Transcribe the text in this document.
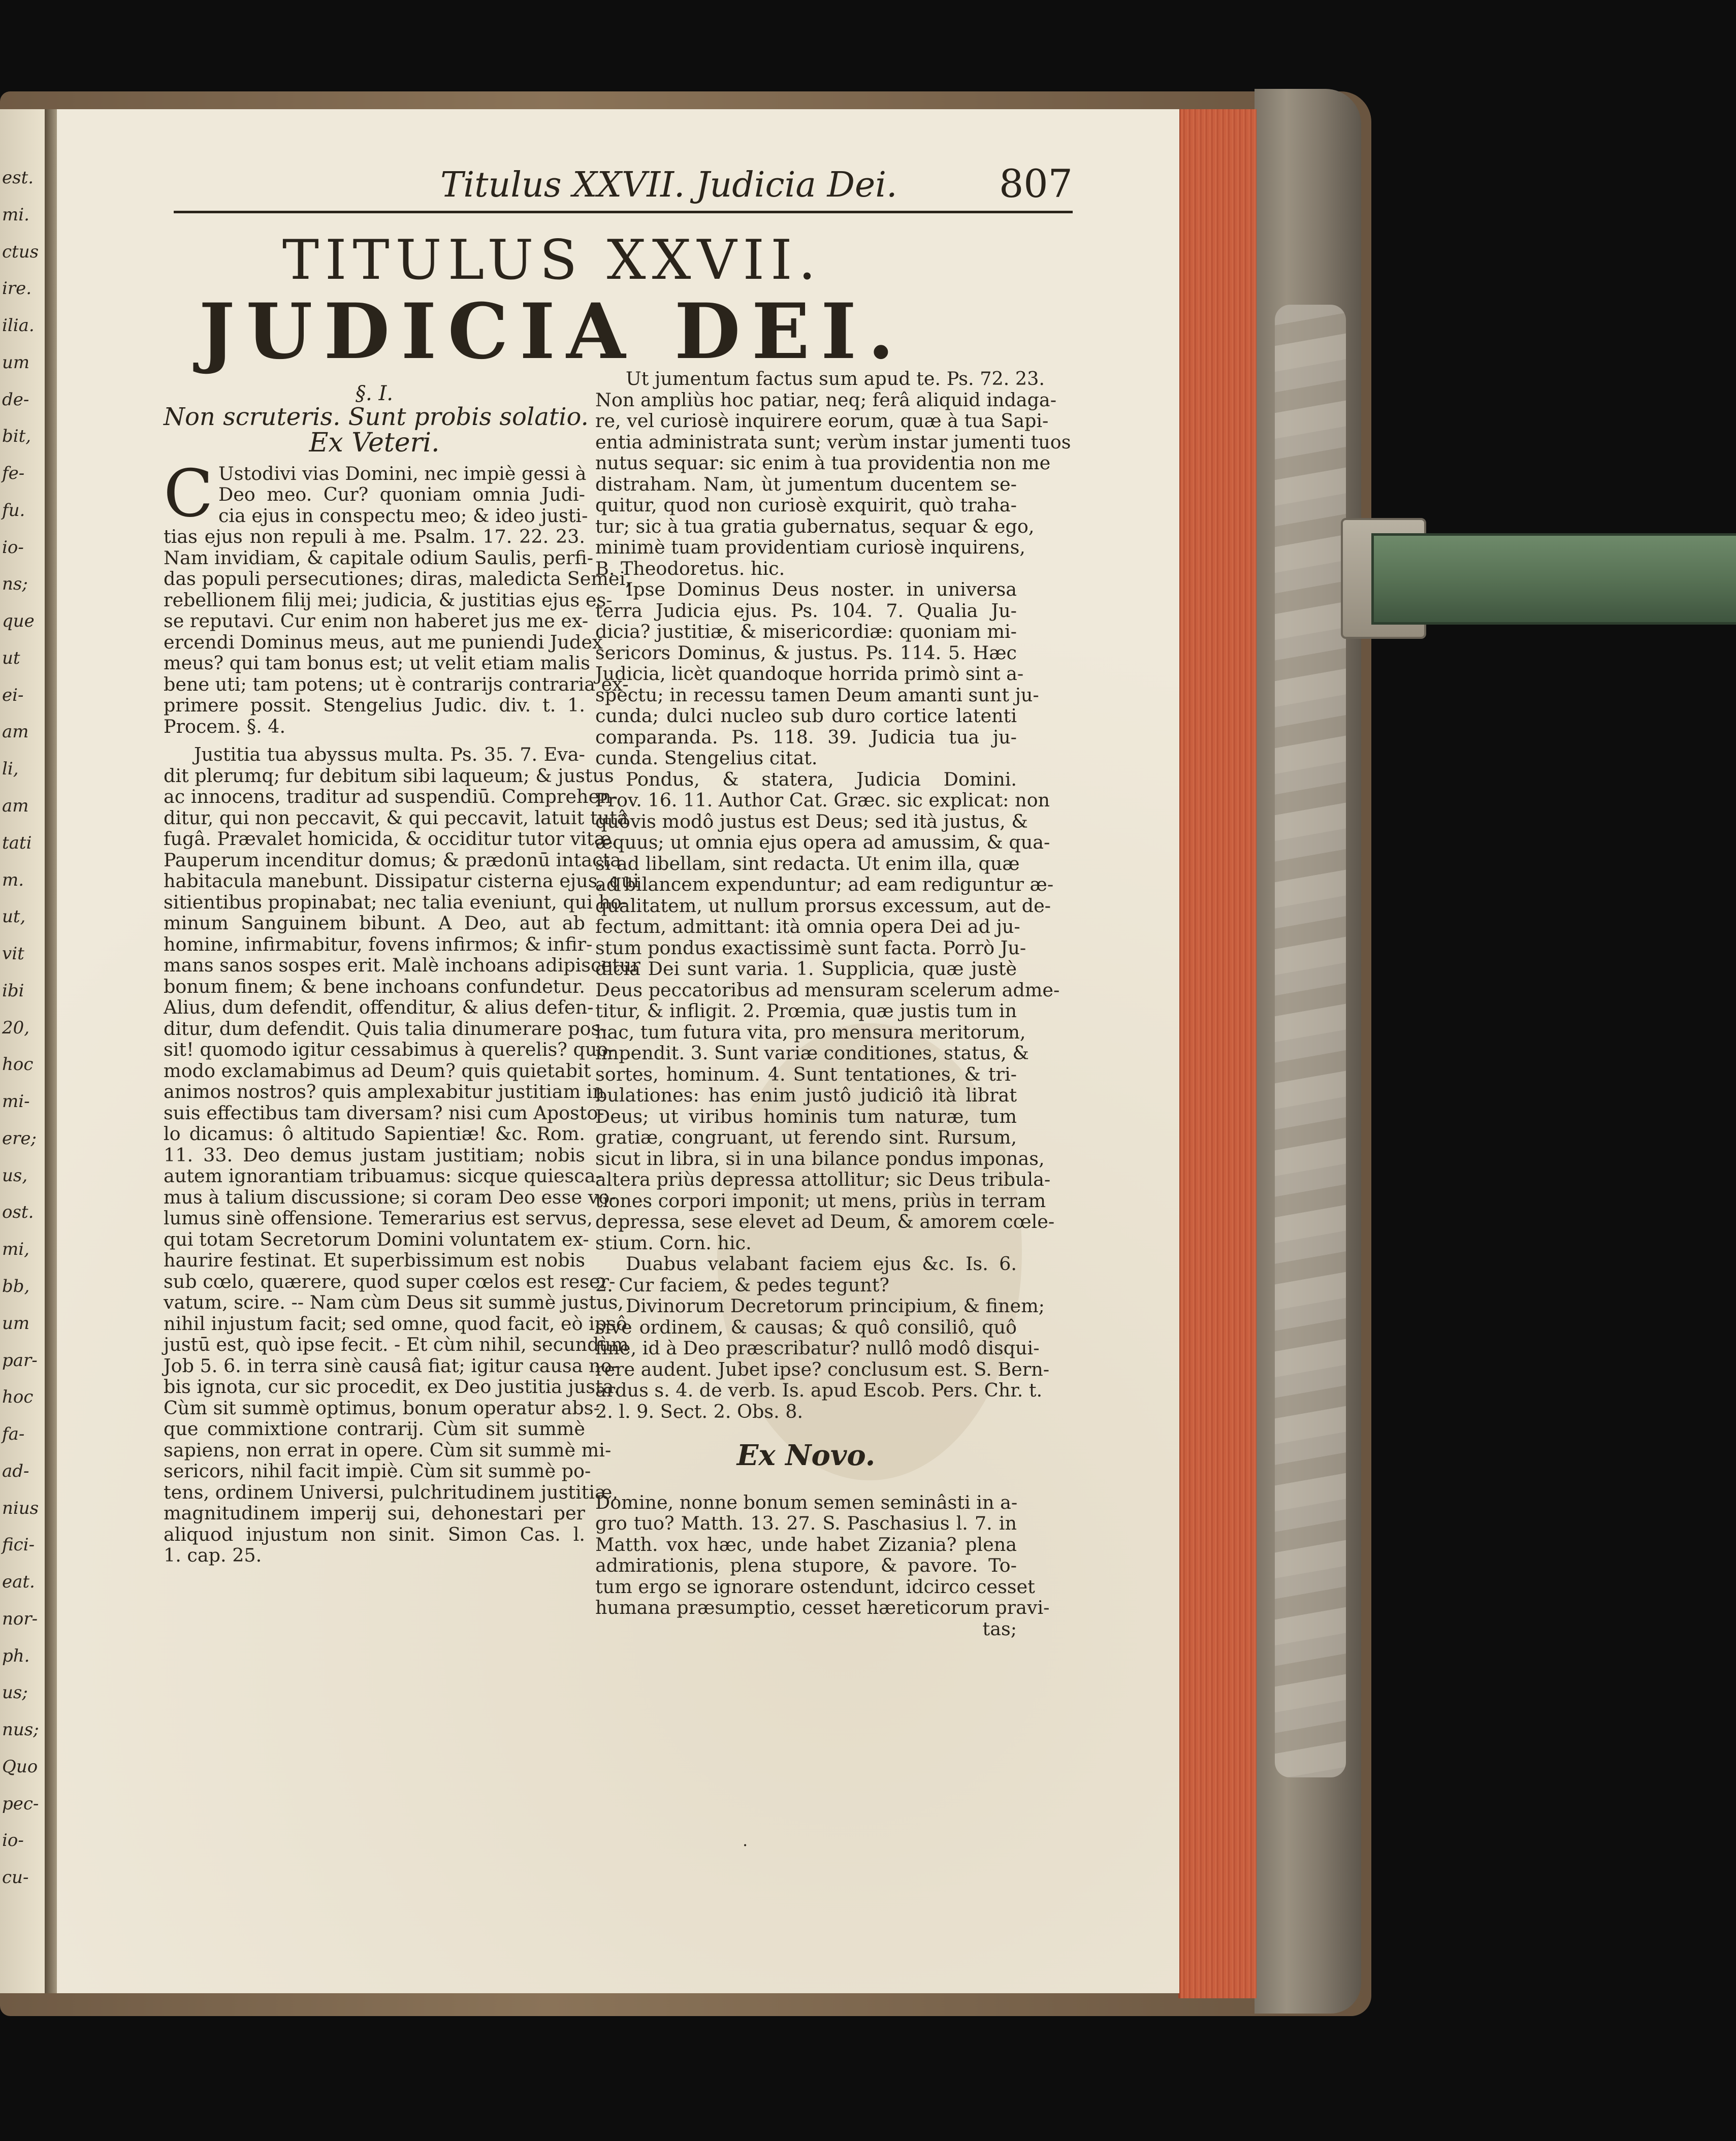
est.
mi.
ctus
ire.
ilia.
um
de-
bit,
fe-
fu.
io-
ns;
que
ut
ei-
am
li,
am
tati
m.
ut,
vit
ibi
20,
hoc
mi-
ere;
us,
ost.
mi,
bb,
um
par-
hoc
fa-
ad-
nius
fici-
eat.
nor-
ph.
us;
nus;
Quo
pec-
io-
cu-
Titulus XXVII. Judicia Dei.	807
TITULUS XXVII.
JUDICIA DEI.
§. I.
Non scruteris. Sunt probis solatio.
Ex Veteri.
C Ustodivi vias Domini, nec impiè gessi à
Deo meo. Cur? quoniam omnia Judi-
cia ejus in conspectu meo; & ideo justi-
tias ejus non repuli à me. Psalm. 17. 22. 23.
Nam invidiam, & capitale odium Saulis, perfi-
das populi persecutiones; diras, maledicta Semei,
rebellionem filij mei; judicia, & justitias ejus es-
se reputavi. Cur enim non haberet jus me ex-
ercendi Dominus meus, aut me puniendi Judex
meus? qui tam bonus est; ut velit etiam malis
bene uti; tam potens; ut è contrarijs contraria ex-
primere possit. Stengelius Judic. div. t. 1.
Procem. §. 4.
Justitia tua abyssus multa. Ps. 35. 7. Eva-
dit plerumq; fur debitum sibi laqueum; & justus
ac innocens, traditur ad suspendiū. Comprehen-
ditur, qui non peccavit, & qui peccavit, latuit tutâ
fugâ. Prævalet homicida, & occiditur tutor vitæ.
Pauperum incenditur domus; & prædonū intacta
habitacula manebunt. Dissipatur cisterna ejus, qui
sitientibus propinabat; nec talia eveniunt, qui ho-
minum Sanguinem bibunt. A Deo, aut ab
homine, infirmabitur, fovens infirmos; & infir-
mans sanos sospes erit. Malè inchoans adipiscetur
bonum finem; & bene inchoans confundetur.
Alius, dum defendit, offenditur, & alius defen-
ditur, dum defendit. Quis talia dinumerare pos-
sit! quomodo igitur cessabimus à querelis? quo-
modo exclamabimus ad Deum? quis quietabit
animos nostros? quis amplexabitur justitiam in
suis effectibus tam diversam? nisi cum Aposto-
lo dicamus: ô altitudo Sapientiæ! &c. Rom.
11. 33. Deo demus justam justitiam; nobis
autem ignorantiam tribuamus: sicque quiesca-
mus à talium discussione; si coram Deo esse vo-
lumus sinè offensione. Temerarius est servus,
qui totam Secretorum Domini voluntatem ex-
haurire festinat. Et superbissimum est nobis
sub cœlo, quærere, quod super cœlos est reser-
vatum, scire. -- Nam cùm Deus sit summè justus,
nihil injustum facit; sed omne, quod facit, eò ipsô
justū est, quò ipse fecit. - Et cùm nihil, secundùm
Job 5. 6. in terra sinè causâ fiat; igitur causa no-
bis ignota, cur sic procedit, ex Deo justitia justa.
Cùm sit summè optimus, bonum operatur abs-
que commixtione contrarij. Cùm sit summè
sapiens, non errat in opere. Cùm sit summè mi-
sericors, nihil facit impiè. Cùm sit summè po-
tens, ordinem Universi, pulchritudinem justitiæ,
magnitudinem imperij sui, dehonestari per
aliquod injustum non sinit. Simon Cas. l.
1. cap. 25.
Ut jumentum factus sum apud te. Ps. 72. 23.
Non ampliùs hoc patiar, neq; ferâ aliquid indaga-
re, vel curiosè inquirere eorum, quæ à tua Sapi-
entia administrata sunt; verùm instar jumenti tuos
nutus sequar: sic enim à tua providentia non me
distraham. Nam, ùt jumentum ducentem se-
quitur, quod non curiosè exquirit, quò traha-
tur; sic à tua gratia gubernatus, sequar & ego,
minimè tuam providentiam curiosè inquirens,
B. Theodoretus. hic.
Ipse Dominus Deus noster. in universa
terra Judicia ejus. Ps. 104. 7. Qualia Ju-
dicia? justitiæ, & misericordiæ: quoniam mi-
sericors Dominus, & justus. Ps. 114. 5. Hæc
Judicia, licèt quandoque horrida primò sint a-
spectu; in recessu tamen Deum amanti sunt ju-
cunda; dulci nucleo sub duro cortice latenti
comparanda. Ps. 118. 39. Judicia tua ju-
cunda. Stengelius citat.
Pondus, & statera, Judicia Domini.
Prov. 16. 11. Author Cat. Græc. sic explicat: non
quôvis modô justus est Deus; sed ità justus, &
æquus; ut omnia ejus opera ad amussim, & qua-
si ad libellam, sint redacta. Ut enim illa, quæ
ad bilancem expenduntur; ad eam rediguntur æ-
qualitatem, ut nullum prorsus excessum, aut de-
fectum, admittant: ità omnia opera Dei ad ju-
stum pondus exactissimè sunt facta. Porrò Ju-
dicia Dei sunt varia. 1. Supplicia, quæ justè
Deus peccatoribus ad mensuram scelerum adme-
titur, & infligit. 2. Prœmia, quæ justis tum in
hac, tum futura vita, pro mensura meritorum,
impendit. 3. Sunt variæ conditiones, status, &
sortes, hominum. 4. Sunt tentationes, & tri-
bulationes: has enim justô judiciô ità librat
Deus; ut viribus hominis tum naturæ, tum
gratiæ, congruant, ut ferendo sint. Rursum,
sicut in libra, si in una bilance pondus imponas,
altera priùs depressa attollitur; sic Deus tribula-
tiones corpori imponit; ut mens, priùs in terram
depressa, sese elevet ad Deum, & amorem cœle-
stium. Corn. hic.
Duabus velabant faciem ejus &c. Is. 6.
2. Cur faciem, & pedes tegunt?
Divinorum Decretorum principium, & finem;
sive ordinem, & causas; & quô consiliô, quô
fine, id à Deo præscribatur? nullô modô disqui-
rere audent. Jubet ipse? conclusum est. S. Bern-
ardus s. 4. de verb. Is. apud Escob. Pers. Chr. t.
2. l. 9. Sect. 2. Obs. 8.
Ex Novo.
Domine, nonne bonum semen seminâsti in a-
gro tuo? Matth. 13. 27. S. Paschasius l. 7. in
Matth. vox hæc, unde habet Zizania? plena
admirationis, plena stupore, & pavore. To-
tum ergo se ignorare ostendunt, idcirco cesset
humana præsumptio, cesset hæreticorum pravi-
tas;
.
